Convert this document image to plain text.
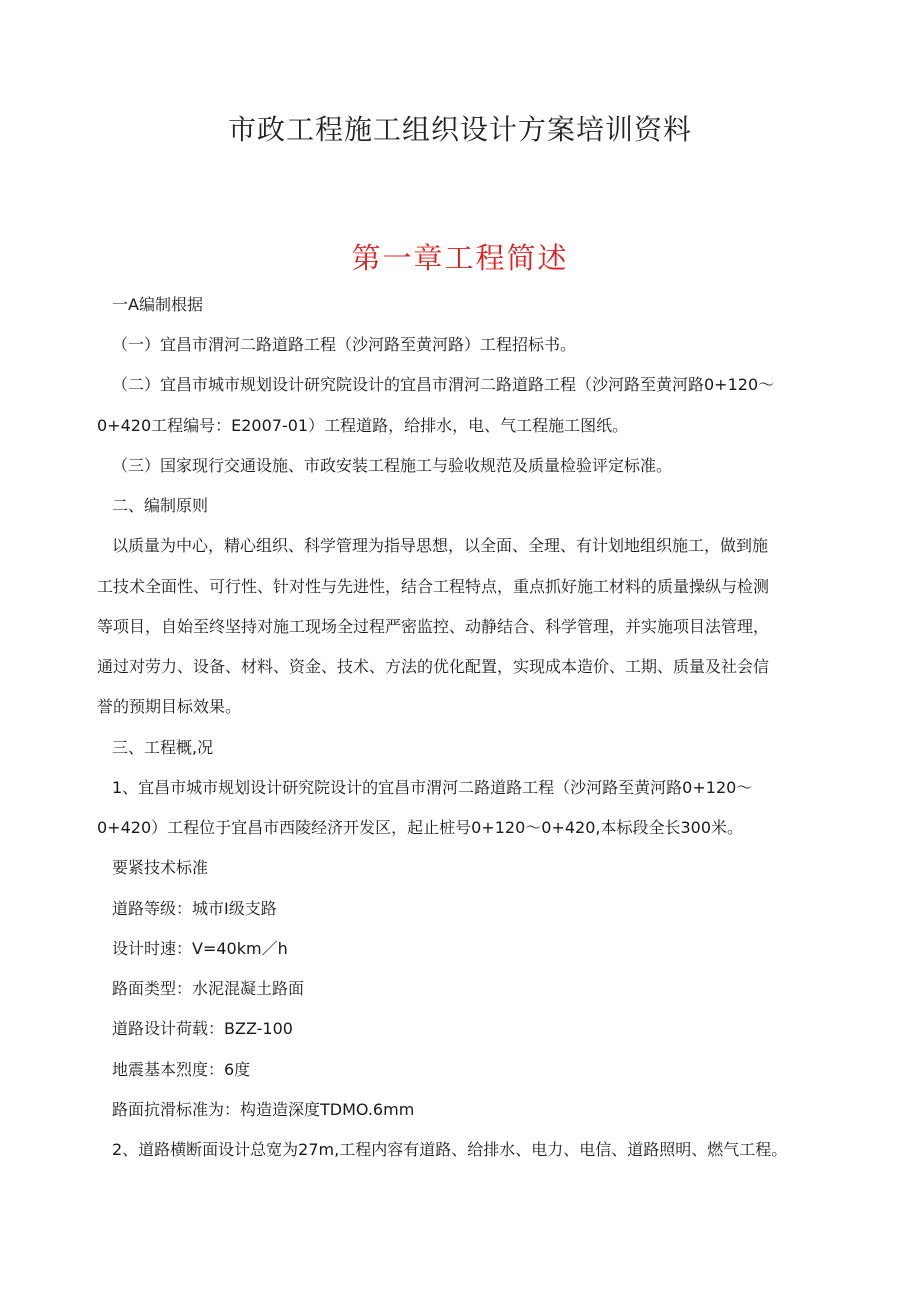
市政工程施工组织设计方案培训资料
第一章工程简述
一A编制根据
（一）宜昌市渭河二路道路工程（沙河路至黄河路）工程招标书。
（二）宜昌市城市规划设计研究院设计的宜昌市渭河二路道路工程（沙河路至黄河路0+120～
0+420工程编号：E2007-01）工程道路，给排水，电、气工程施工图纸。
（三）国家现行交通设施、市政安装工程施工与验收规范及质量检验评定标准。
二、编制原则
以质量为中心，精心组织、科学管理为指导思想，以全面、全理、有计划地组织施工，做到施
工技术全面性、可行性、针对性与先进性，结合工程特点，重点抓好施工材料的质量操纵与检测
等项目，自始至终坚持对施工现场全过程严密监控、动静结合、科学管理，并实施项目法管理，
通过对劳力、设备、材料、资金、技术、方法的优化配置，实现成本造价、工期、质量及社会信
誉的预期目标效果。
三、工程概,况
1、宜昌市城市规划设计研究院设计的宜昌市渭河二路道路工程（沙河路至黄河路0+120～
0+420）工程位于宜昌市西陵经济开发区，起止桩号0+120～0+420,本标段全长300米。
要紧技术标准
道路等级：城市Ⅰ级支路
设计时速：V=40km／h
路面类型：水泥混凝土路面
道路设计荷载：BZZ-100
地震基本烈度：6度
路面抗滑标准为：构造造深度TDMO.6mm
2、道路横断面设计总宽为27m,工程内容有道路、给排水、电力、电信、道路照明、燃气工程。
